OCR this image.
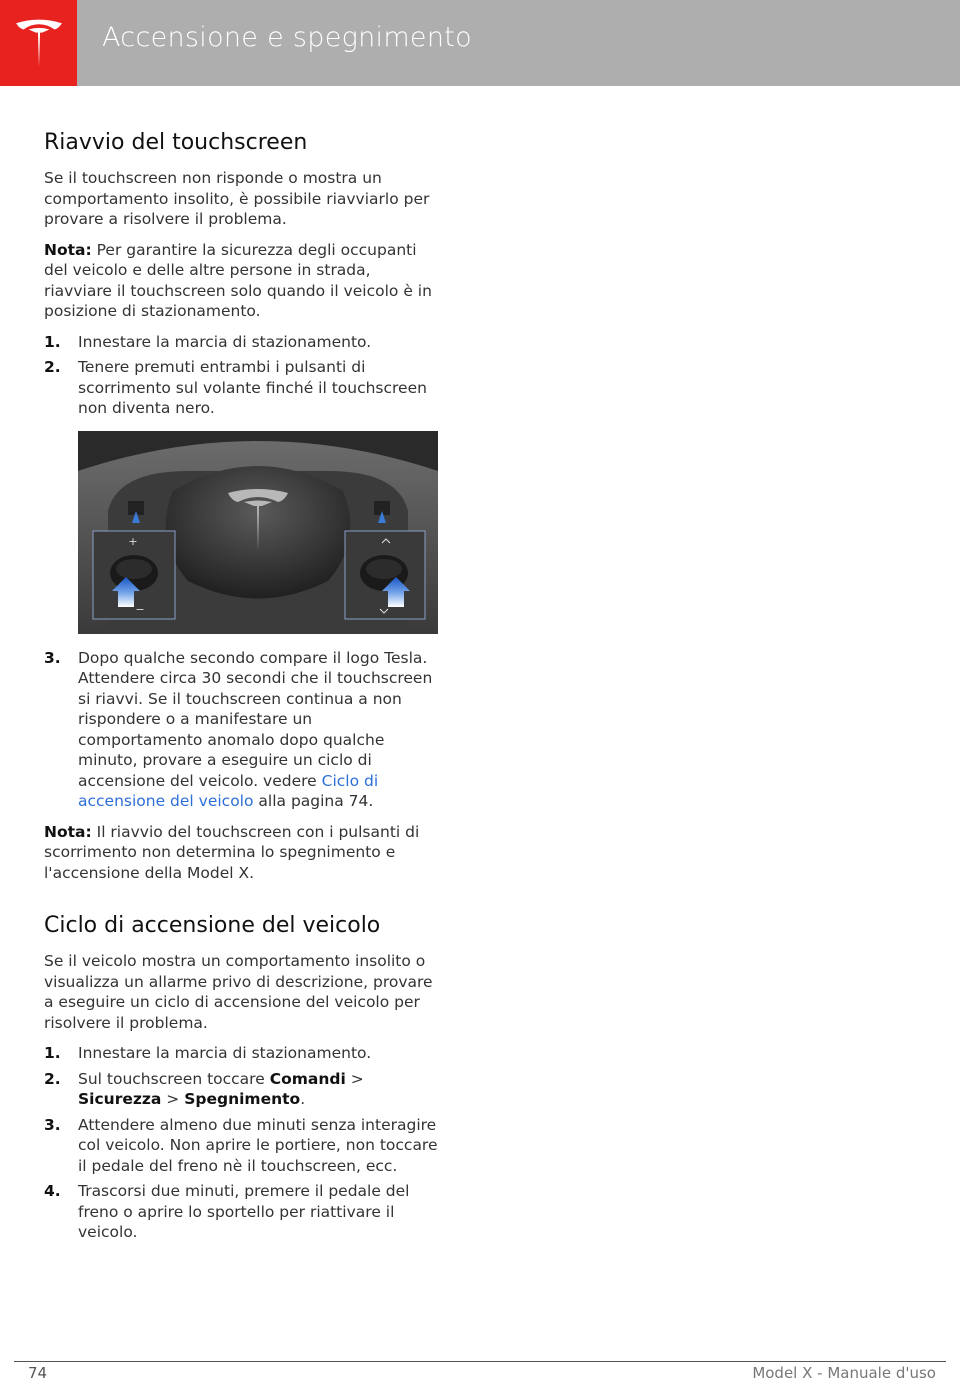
Accensione e spegnimento
Riavvio del touchscreen

Se il touchscreen non risponde o mostra un comportamento insolito, è possibile riavviarlo per provare a risolvere il problema.

Nota: Per garantire la sicurezza degli occupanti del veicolo e delle altre persone in strada, riavviare il touchscreen solo quando il veicolo è in posizione di stazionamento.

1. Innestare la marcia di stazionamento.
2. Tenere premuti entrambi i pulsanti di scorrimento sul volante finché il touchscreen non diventa nero.
+
−
3. Dopo qualche secondo compare il logo Tesla. Attendere circa 30 secondi che il touchscreen si riavvi. Se il touchscreen continua a non rispondere o a manifestare un comportamento anomalo dopo qualche minuto, provare a eseguire un ciclo di accensione del veicolo. vedere Ciclo di accensione del veicolo alla pagina 74.

Nota: Il riavvio del touchscreen con i pulsanti di scorrimento non determina lo spegnimento e l'accensione della Model X.

Ciclo di accensione del veicolo

Se il veicolo mostra un comportamento insolito o visualizza un allarme privo di descrizione, provare a eseguire un ciclo di accensione del veicolo per risolvere il problema.

1. Innestare la marcia di stazionamento.
2. Sul touchscreen toccare Comandi > Sicurezza > Spegnimento.
3. Attendere almeno due minuti senza interagire col veicolo. Non aprire le portiere, non toccare il pedale del freno nè il touchscreen, ecc.
4. Trascorsi due minuti, premere il pedale del freno o aprire lo sportello per riattivare il veicolo.
74	Model X - Manuale d'uso
